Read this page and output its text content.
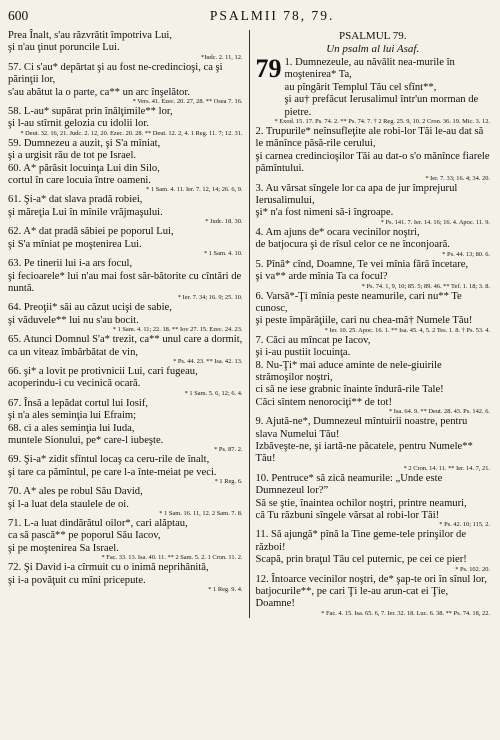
600	PSALMII 78, 79.
Prea Înalt, s'au răzvrătit împotriva Lui,
şi n'au ţinut poruncile Lui.
*Iudc. 2. 11, 12.
57. Ci s'au* depărtat şi au fost ne-credincioşi, ca şi părinţii lor,
s'au abătut la o parte, ca** un arc înşelător.
* Vers. 41. Ezec. 20. 27, 28. ** Osea 7. 16.
58. L-au* supărat prin înălţimile** lor,
şi l-au stîrnit gelozia cu idolii lor.
* Deut. 32. 16, 21. Judc. 2. 12, 20. Ezec. 20. 28. ** Deut. 12. 2, 4. 1 Reg. 11. 7; 12. 31.
59. Dumnezeu a auzit, şi S'a mîniat,
şi a urgisit rău de tot pe Israel.
60. A* părăsit locuinţa Lui din Silo,
cortul în care locuia între oameni.
* 1 Sam. 4. 11. Ier. 7. 12, 14; 26. 6, 9.
61. Şi-a* dat slava pradă robiei,
şi măreţia Lui în mînile vrăjmaşului.
* Judc. 18. 30.
62. A* dat pradă săbiei pe poporul Lui,
şi S'a mîniat pe moştenirea Lui.
* 1 Sam. 4. 10.
63. Pe tinerii lui i-a ars focul,
şi fecioarele* lui n'au mai fost săr-bătorite cu cîntări de nuntă.
* Ier. 7. 34; 16. 9; 25. 10.
64. Preoţii* săi au căzut ucişi de sabie,
şi văduvele** lui nu s'au bocit.
* 1 Sam. 4. 11; 22. 18. ** Iov 27. 15. Ezec. 24. 23.
65. Atunci Domnul S'a* trezit, ca** unul care a dormit,
ca un viteaz îmbărbătat de vin,
* Ps. 44. 23. ** Isa. 42. 13.
66. şi* a lovit pe protivnicii Lui, cari fugeau,
acoperindu-i cu vecinică ocară.
* 1 Sam. 5. 6, 12; 6. 4.
67. Însă a lepădat cortul lui Iosif,
şi n'a ales seminţia lui Efraim;
68. ci a ales seminţia lui Iuda,
muntele Sionului, pe* care-l iubeşte.
* Ps. 87. 2.
69. Şi-a* zidit sfîntul locaş ca ceru-rile de înalt,
şi tare ca pămîntul, pe care l-a înte-meiat pe veci.
* 1 Reg. 6.
70. A* ales pe robul Său David,
şi l-a luat dela staulele de oi.
* 1 Sam. 16. 11, 12. 2 Sam. 7. 8.
71. L-a luat dindărătul oilor*, cari alăptau,
ca să pască** pe poporul Său Iacov,
şi pe moştenirea Sa Israel.
* Fac. 33. 13. Isa. 40. 11. ** 2 Sam. 5. 2. 1 Cron. 11. 2.
72. Şi David i-a cîrmuit cu o inimă neprihănită,
şi i-a povăţuit cu mîni pricepute.
* 1 Reg. 9. 4.
PSALMUL 79.
Un psalm al lui Asaf.
79 1. Dumnezeule, au năvălit nea-murile în moştenirea* Ta,
au pîngărit Templul Tău cel sfînt**,
şi au† prefăcut Ierusalimul într'un morman de pietre.
* Exod. 15. 17. Ps. 74. 2. ** Ps. 74. 7. † 2 Reg. 25. 9, 10. 2 Cron. 36. 19. Mic. 3. 12.
2. Trupurile* neînsufleţite ale robi-lor Tăi le-au dat să le mănînce păsă-rile cerului,
şi carnea credincioşilor Tăi au dat-o s'o mănînce fiarele pămîntului.
* Ier. 7. 33; 16. 4; 34. 20.
3. Au vărsat sîngele lor ca apa de jur împrejurul Ierusalimului,
şi* n'a fost nimeni să-i îngroape.
* Ps. 141. 7. Ier. 14. 16; 16. 4. Apoc. 11. 9.
4. Am ajuns de* ocara vecinilor noştri,
de batjocura şi de rîsul celor ce ne înconjoară.
* Ps. 44. 13; 80. 6.
5. Pînă* cînd, Doamne, Te vei mînia fără încetare,
şi va** arde mînia Ta ca focul?
* Ps. 74. 1, 9, 10; 85. 5; 89. 46. ** Tef. 1. 18; 3. 8.
6. Varsă*-Ţi mînia peste neamurile, cari nu** Te cunosc,
şi peste împărăţiile, cari nu chea-mă† Numele Tău!
* Ier. 10. 25. Apoc. 16. 1. ** Isa. 45. 4, 5. 2 Tes. 1. 8. † Ps. 53. 4.
7. Căci au mîncat pe Iacov,
şi i-au pustiit locuinţa.
8. Nu-Ţi* mai aduce aminte de nele-giuirile strămoşilor noştri,
ci să ne iese grabnic înainte îndură-rile Tale!
Căci sîntem nenorociţi** de tot!
* Isa. 64. 9. ** Deut. 28. 43. Ps. 142. 6.
9. Ajută-ne*, Dumnezeul mîntuirii noastre, pentru slava Numelui Tău!
Izbăveşte-ne, şi iartă-ne păcatele, pentru Numele** Tău!
* 2 Cron. 14. 11. ** Ier. 14. 7, 21.
10. Pentruce* să zică neamurile: „Unde este Dumnezeul lor?”
Să se ştie, înaintea ochilor noştri, printre neamuri,
că Tu răzbuni sîngele vărsat al robi-lor Tăi!
* Ps. 42. 10; 115. 2.
11. Să ajungă* pînă la Tine geme-tele prinşilor de război!
Scapă, prin braţul Tău cel puternic, pe cei ce pier!
* Ps. 102. 20.
12. Întoarce vecinilor noştri, de* şap-te ori în sînul lor,
batjocurile**, pe cari Ţi le-au arun-cat ei Ţie, Doamne!
* Fac. 4. 15. Isa. 65. 6, 7. Ier. 32. 18. Luc. 6. 38. ** Ps. 74. 18, 22.
